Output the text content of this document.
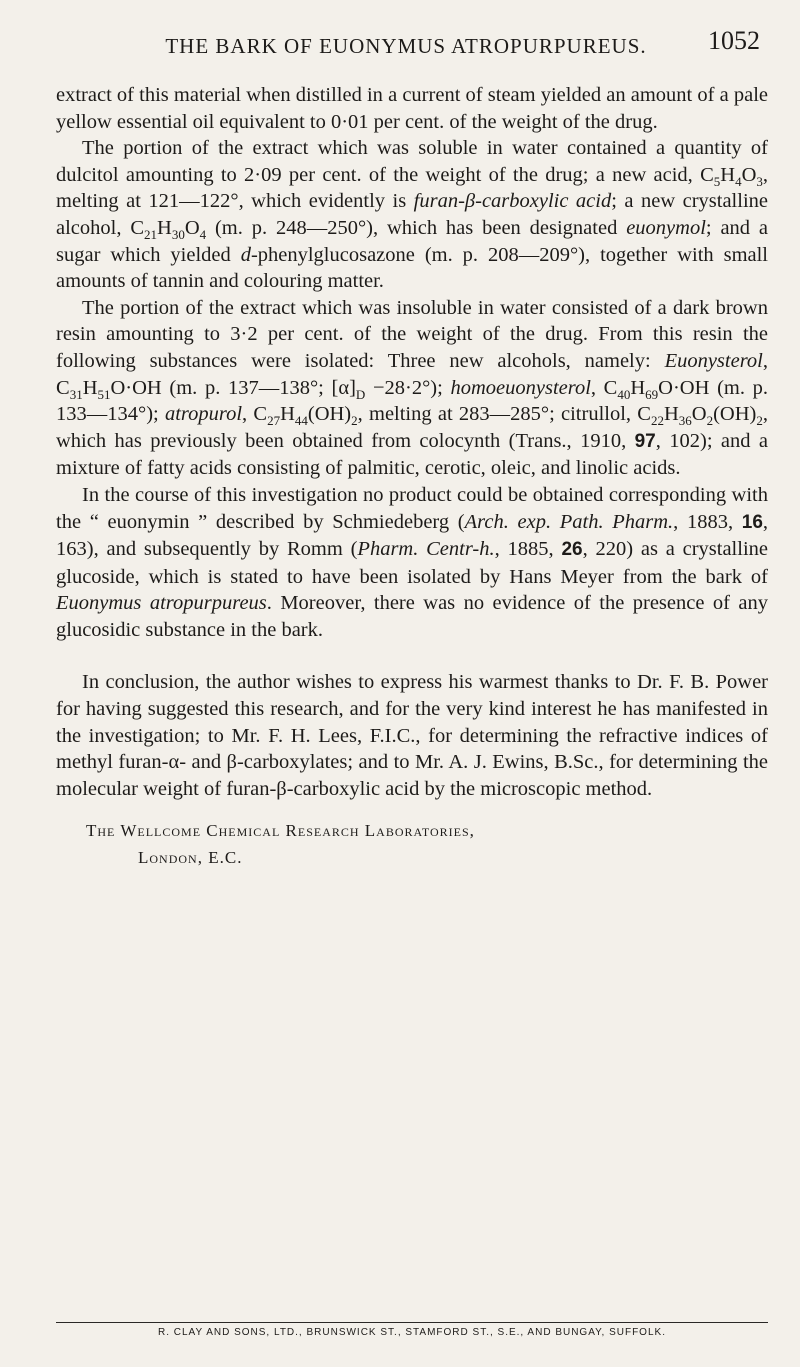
THE BARK OF EUONYMUS ATROPURPUREUS.	1052

extract of this material when distilled in a current of steam yielded an amount of a pale yellow essential oil equivalent to 0·01 per cent. of the weight of the drug.

The portion of the extract which was soluble in water contained a quantity of dulcitol amounting to 2·09 per cent. of the weight of the drug; a new acid, $C_5H_4O_3$, melting at 121—122°, which evidently is furan-β-carboxylic acid; a new crystalline alcohol, $C_{21}H_{30}O_4$ (m. p. 248—250°), which has been designated euonymol; and a sugar which yielded d-phenylglucosazone (m. p. 208—209°), together with small amounts of tannin and colouring matter.

The portion of the extract which was insoluble in water consisted of a dark brown resin amounting to 3·2 per cent. of the weight of the drug. From this resin the following substances were isolated: Three new alcohols, namely: Euonysterol, $C_{31}H_{51}O\cdot OH$ (m. p. 137—138°; $[\alpha]_D -28\cdot 2^\circ$); homoeuonysterol, $C_{40}H_{69}O\cdot OH$ (m. p. 133—134°); atropurol, $C_{27}H_{44}(OH)_2$, melting at 283—285°; citrullol, $C_{22}H_{36}O_2(OH)_2$, which has previously been obtained from colocynth (Trans., 1910, 97, 102); and a mixture of fatty acids consisting of palmitic, cerotic, oleic, and linolic acids.

In the course of this investigation no product could be obtained corresponding with the “ euonymin ” described by Schmiedeberg (Arch. exp. Path. Pharm., 1883, 16, 163), and subsequently by Romm (Pharm. Centr-h., 1885, 26, 220) as a crystalline glucoside, which is stated to have been isolated by Hans Meyer from the bark of Euonymus atropurpureus. Moreover, there was no evidence of the presence of any glucosidic substance in the bark.

In conclusion, the author wishes to express his warmest thanks to Dr. F. B. Power for having suggested this research, and for the very kind interest he has manifested in the investigation; to Mr. F. H. Lees, F.I.C., for determining the refractive indices of methyl furan-α- and β-carboxylates; and to Mr. A. J. Ewins, B.Sc., for determining the molecular weight of furan-β-carboxylic acid by the microscopic method.

The Wellcome Chemical Research Laboratories,
London, E.C.
R. CLAY AND SONS, LTD., BRUNSWICK ST., STAMFORD ST., S.E., AND BUNGAY, SUFFOLK.
